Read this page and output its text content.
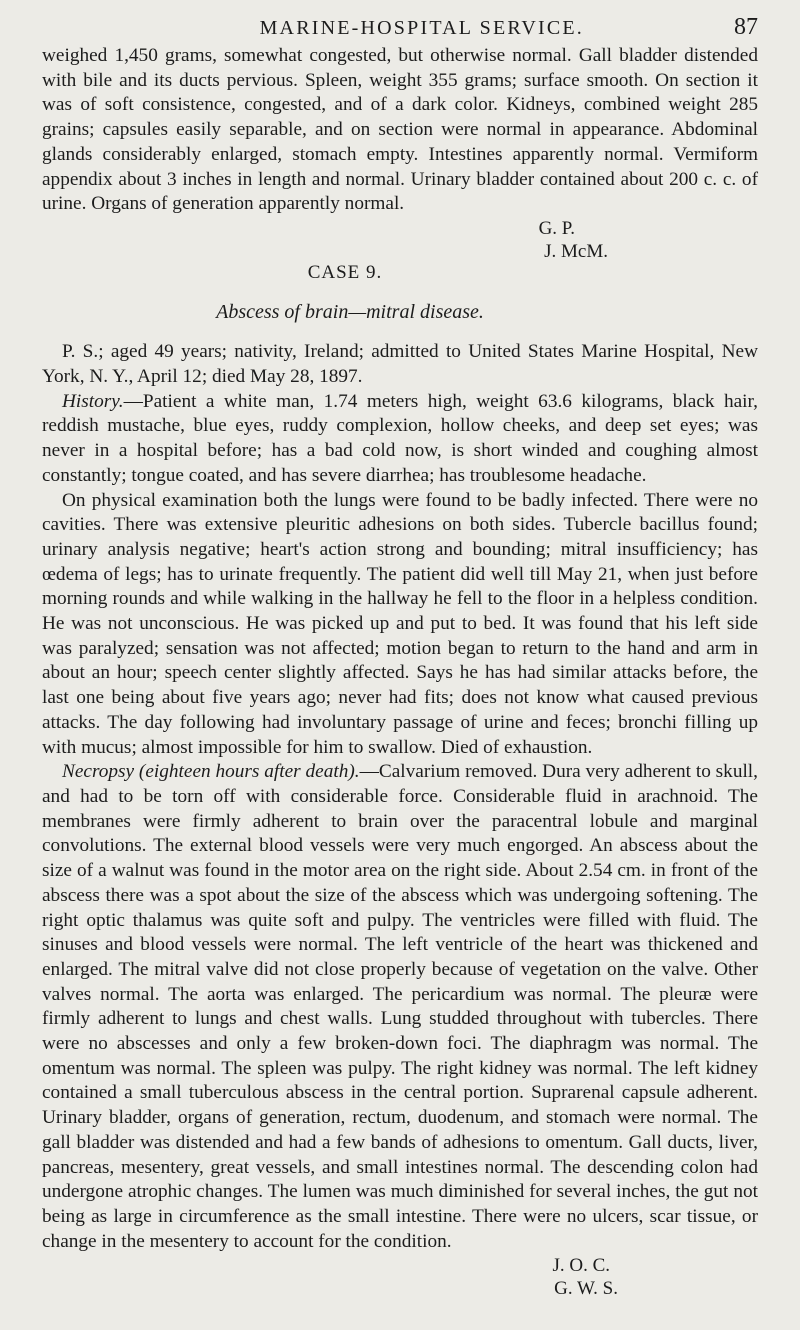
MARINE-HOSPITAL SERVICE.	87

weighed 1,450 grams, somewhat congested, but otherwise normal. Gall bladder distended with bile and its ducts pervious. Spleen, weight 355 grams; surface smooth. On section it was of soft consistence, congested, and of a dark color. Kidneys, combined weight 285 grains; capsules easily separable, and on section were normal in appearance. Abdominal glands considerably enlarged, stomach empty. Intestines apparently normal. Vermiform appendix about 3 inches in length and normal. Urinary bladder contained about 200 c. c. of urine. Organs of generation apparently normal.

G. P.

J. McM.

CASE 9.
Abscess of brain—mitral disease.

P. S.; aged 49 years; nativity, Ireland; admitted to United States Marine Hospital, New York, N. Y., April 12; died May 28, 1897.

History.—Patient a white man, 1.74 meters high, weight 63.6 kilograms, black hair, reddish mustache, blue eyes, ruddy complexion, hollow cheeks, and deep set eyes; was never in a hospital before; has a bad cold now, is short winded and coughing almost constantly; tongue coated, and has severe diarrhea; has troublesome headache.

On physical examination both the lungs were found to be badly infected. There were no cavities. There was extensive pleuritic adhesions on both sides. Tubercle bacillus found; urinary analysis negative; heart's action strong and bounding; mitral insufficiency; has œdema of legs; has to urinate frequently. The patient did well till May 21, when just before morning rounds and while walking in the hallway he fell to the floor in a helpless condition. He was not unconscious. He was picked up and put to bed. It was found that his left side was paralyzed; sensation was not affected; motion began to return to the hand and arm in about an hour; speech center slightly affected. Says he has had similar attacks before, the last one being about five years ago; never had fits; does not know what caused previous attacks. The day following had involuntary passage of urine and feces; bronchi filling up with mucus; almost impossible for him to swallow. Died of exhaustion.

Necropsy (eighteen hours after death).—Calvarium removed. Dura very adherent to skull, and had to be torn off with considerable force. Considerable fluid in arachnoid. The membranes were firmly adherent to brain over the paracentral lobule and marginal convolutions. The external blood vessels were very much engorged. An abscess about the size of a walnut was found in the motor area on the right side. About 2.54 cm. in front of the abscess there was a spot about the size of the abscess which was undergoing softening. The right optic thalamus was quite soft and pulpy. The ventricles were filled with fluid. The sinuses and blood vessels were normal. The left ventricle of the heart was thickened and enlarged. The mitral valve did not close properly because of vegetation on the valve. Other valves normal. The aorta was enlarged. The pericardium was normal. The pleuræ were firmly adherent to lungs and chest walls. Lung studded throughout with tubercles. There were no abscesses and only a few broken-down foci. The diaphragm was normal. The omentum was normal. The spleen was pulpy. The right kidney was normal. The left kidney contained a small tuberculous abscess in the central portion. Suprarenal capsule adherent. Urinary bladder, organs of generation, rectum, duodenum, and stomach were normal. The gall bladder was distended and had a few bands of adhesions to omentum. Gall ducts, liver, pancreas, mesentery, great vessels, and small intestines normal. The descending colon had undergone atrophic changes. The lumen was much diminished for several inches, the gut not being as large in circumference as the small intestine. There were no ulcers, scar tissue, or change in the mesentery to account for the condition.

J. O. C.

G. W. S.
